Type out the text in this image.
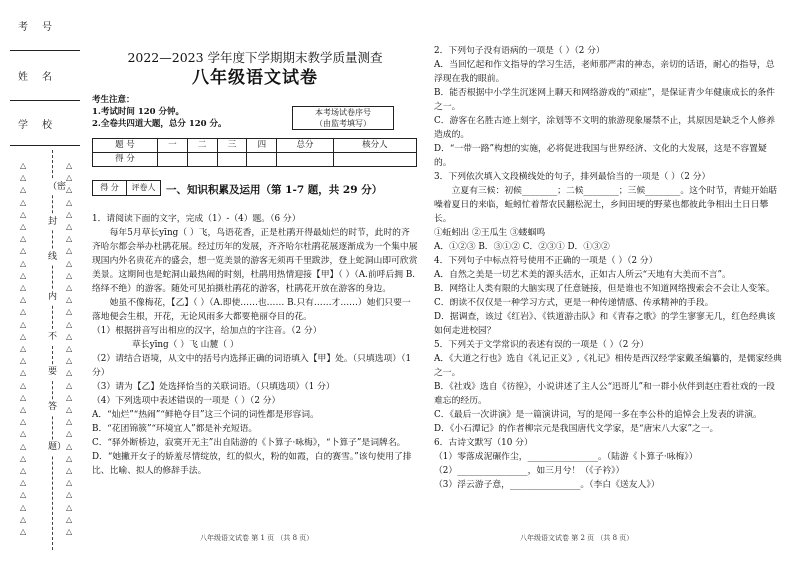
考号
姓名
学校
△△△△△△△△△△△△△△△△△△△△△△△△△△△△△△△
△△△△△△△△△△△△△△△△△△△△△△△△△△△△△△△
（密
封
线
内
不
要
答
题）
2022—2023 学年度下学期期末教学质量测查
八年级语文试卷
考生注意：
1.考试时间 120 分钟。
2.全卷共四道大题，总分 120 分。
本考场试卷序号
（由监考填写）
题 号	一	二	三	四	总分	核分人
得 分						
得 分	评卷人 一、知识积累及运用（第 1-7 题，共 29 分）
1．请阅读下面的文字，完成（1）-（4）题。（6 分）
每年5月草长yīng（ ）飞，鸟语花香，正是杜鹃开得最灿烂的时节，此时的齐齐哈尔都会举办杜鹃花展。经过历年的发展，齐齐哈尔杜鹃花展逐渐成为一个集中展现国内外名贵花卉的盛会，想一览美景的游客无须再千里跋涉，登上蛇洞山即可欣赏美景。这期间也是蛇洞山最热闹的时刻，杜鹃用热情迎接【甲】（ ）（A.前呼后拥 B.络绎不绝）的游客。随处可见拍摄杜鹃花的游客，杜鹃花开放在游客的身边。
她虽不像梅花，【乙】（ ）（A.即使……也…… B.只有……才……）她们只要一落地便会生根，开花，无论风雨多大都要艳丽夺目的花。
（1）根据拼音写出相应的汉字，给加点的字注音。（2 分）
草长yīng（ ）飞 山麓（ ）
（2）请结合语境，从文中的括号内选择正确的词语填入【甲】处。（只填选项）（1 分）
（3）请为【乙】处选择恰当的关联词语。（只填选项）（1 分）
（4）下列选项中表述错误的一项是（ ）（2 分）
A．“灿烂”“热闹”“鲜艳夺目”这三个词的词性都是形容词。
B．“花团锦簇”“环境宜人”都是补充短语。
C．“驿外断桥边，寂寞开无主”出自陆游的《卜算子·咏梅》，“卜算子”是词牌名。
D．“她撇开女子的娇羞尽情绽放，红的似火，粉的如霞，白的赛雪。”该句使用了排比、比喻、拟人的修辞手法。
八年级语文试卷 第 1 页 （共 8 页）
2．下列句子没有语病的一项是（ ）（2 分）
A．当回忆起和作文指导的学习生活，老师那严肃的神态，亲切的话语，耐心的指导，总浮现在我的眼前。
B．能否根据中小学生沉迷网上聊天和网络游戏的“顽症”，是保证青少年健康成长的条件之一。
C．游客在名胜古迹上刻字，涂划等不文明的旅游现象屡禁不止，其原因是缺乏个人修养造成的。
D．“一带一路”构想的实施，必将促进我国与世界经济、文化的大发展，这是不容置疑的。
3．下列依次填入文段横线处的句子，排列最恰当的一项是（ ）（2 分）
立夏有三候：初候________；二候________；三候________。这个时节，青蛙开始聒噪着夏日的来临，蚯蚓忙着帮农民翻松泥土，乡间田埂的野菜也都彼此争相出土日日攀长。
①蚯蚓出 ②王瓜生 ③蝼蝈鸣
A．①②③ B．③①② C．②③① D．①③②
4．下列句子中标点符号使用不正确的一项是（ ）（2 分）
A．自然之美是一切艺术美的源头活水，正如古人所云“天地有大美而不言”。
B．网络让人类有限的大脑实现了任意链接，但是谁也不知道网络搜索会不会让人变笨。
C．朗读不仅仅是一种学习方式，更是一种传递情感、传承精神的手段。
D．据调查，该过《红岩》、《铁道游击队》和《青春之歌》的学生寥寥无几，红色经典该如何走进校园？
5．下列关于文学常识的表述有误的一项是（ ）（2 分）
A．《大道之行也》选自《礼记正义》,《礼记》相传是西汉经学家戴圣编纂的，是儒家经典之一。
B．《社戏》选自《彷徨》，小说讲述了主人公“迅哥儿”和一群小伙伴到赵庄看社戏的一段难忘的经历。
C．《最后一次讲演》是一篇演讲词，写的是闻一多在李公朴的追悼会上发表的讲演。
D．《小石潭记》的作者柳宗元是我国唐代文学家，是“唐宋八大家”之一。
6．古诗文默写（10 分）
（1）零落成泥碾作尘，________________。（陆游《卜算子·咏梅》）
（2）________________，如三月兮！（《子衿》）
（3）浮云游子意，________________。（李白《送友人》）
八年级语文试卷 第 2 页 （共 8 页）
